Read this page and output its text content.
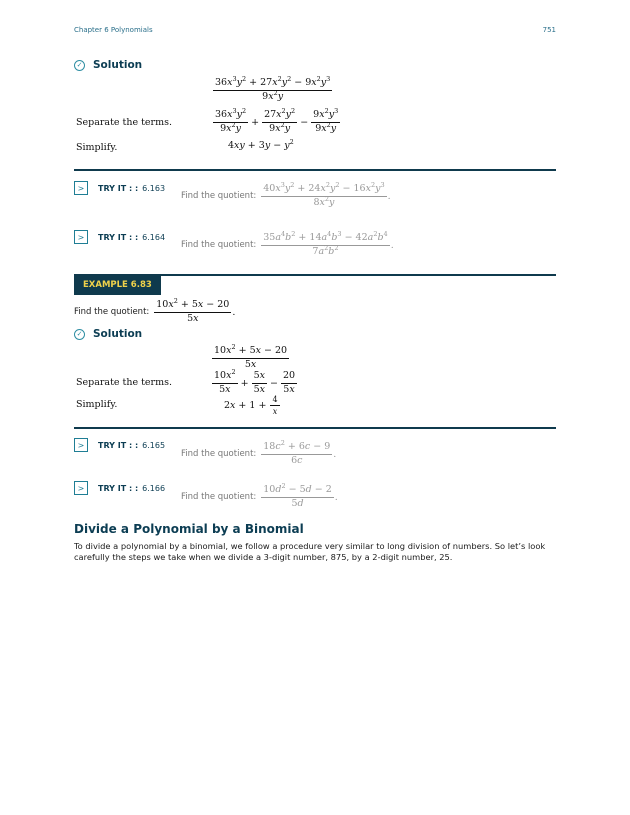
Chapter 6 Polynomials	751
✓ Solution
$\frac{36x^3y^2 + 27x^2y^2 - 9x^2y^3}{9x^2y}$
Separate the terms.	$\frac{36x^3y^2}{9x^2y} + \frac{27x^2y^2}{9x^2y} - \frac{9x^2y^3}{9x^2y}$
Simplify.	$4xy + 3y - y^2$
>	TRY IT : : 6.163
Find the quotient: $\frac{40x^3y^2 + 24x^2y^2 - 16x^2y^3}{8x^2y}$ .
>	TRY IT : : 6.164
Find the quotient: $\frac{35a^4b^2 + 14a^4b^3 - 42a^2b^4}{7a^2b^2}$ .
EXAMPLE 6.83
Find the quotient: $\frac{10x^2 + 5x - 20}{5x}$ .
✓ Solution
$\frac{10x^2 + 5x - 20}{5x}$
Separate the terms.	$\frac{10x^2}{5x} + \frac{5x}{5x} - \frac{20}{5x}$
Simplify.	$2x + 1 + \frac{4}{x}$
>	TRY IT : : 6.165
Find the quotient: $\frac{18c^2 + 6c - 9}{6c}$ .
>	TRY IT : : 6.166
Find the quotient: $\frac{10d^2 - 5d - 2}{5d}$ .
Divide a Polynomial by a Binomial
To divide a polynomial by a binomial, we follow a procedure very similar to long division of numbers. So let’s look carefully the steps we take when we divide a 3-digit number, 875, by a 2-digit number, 25.
